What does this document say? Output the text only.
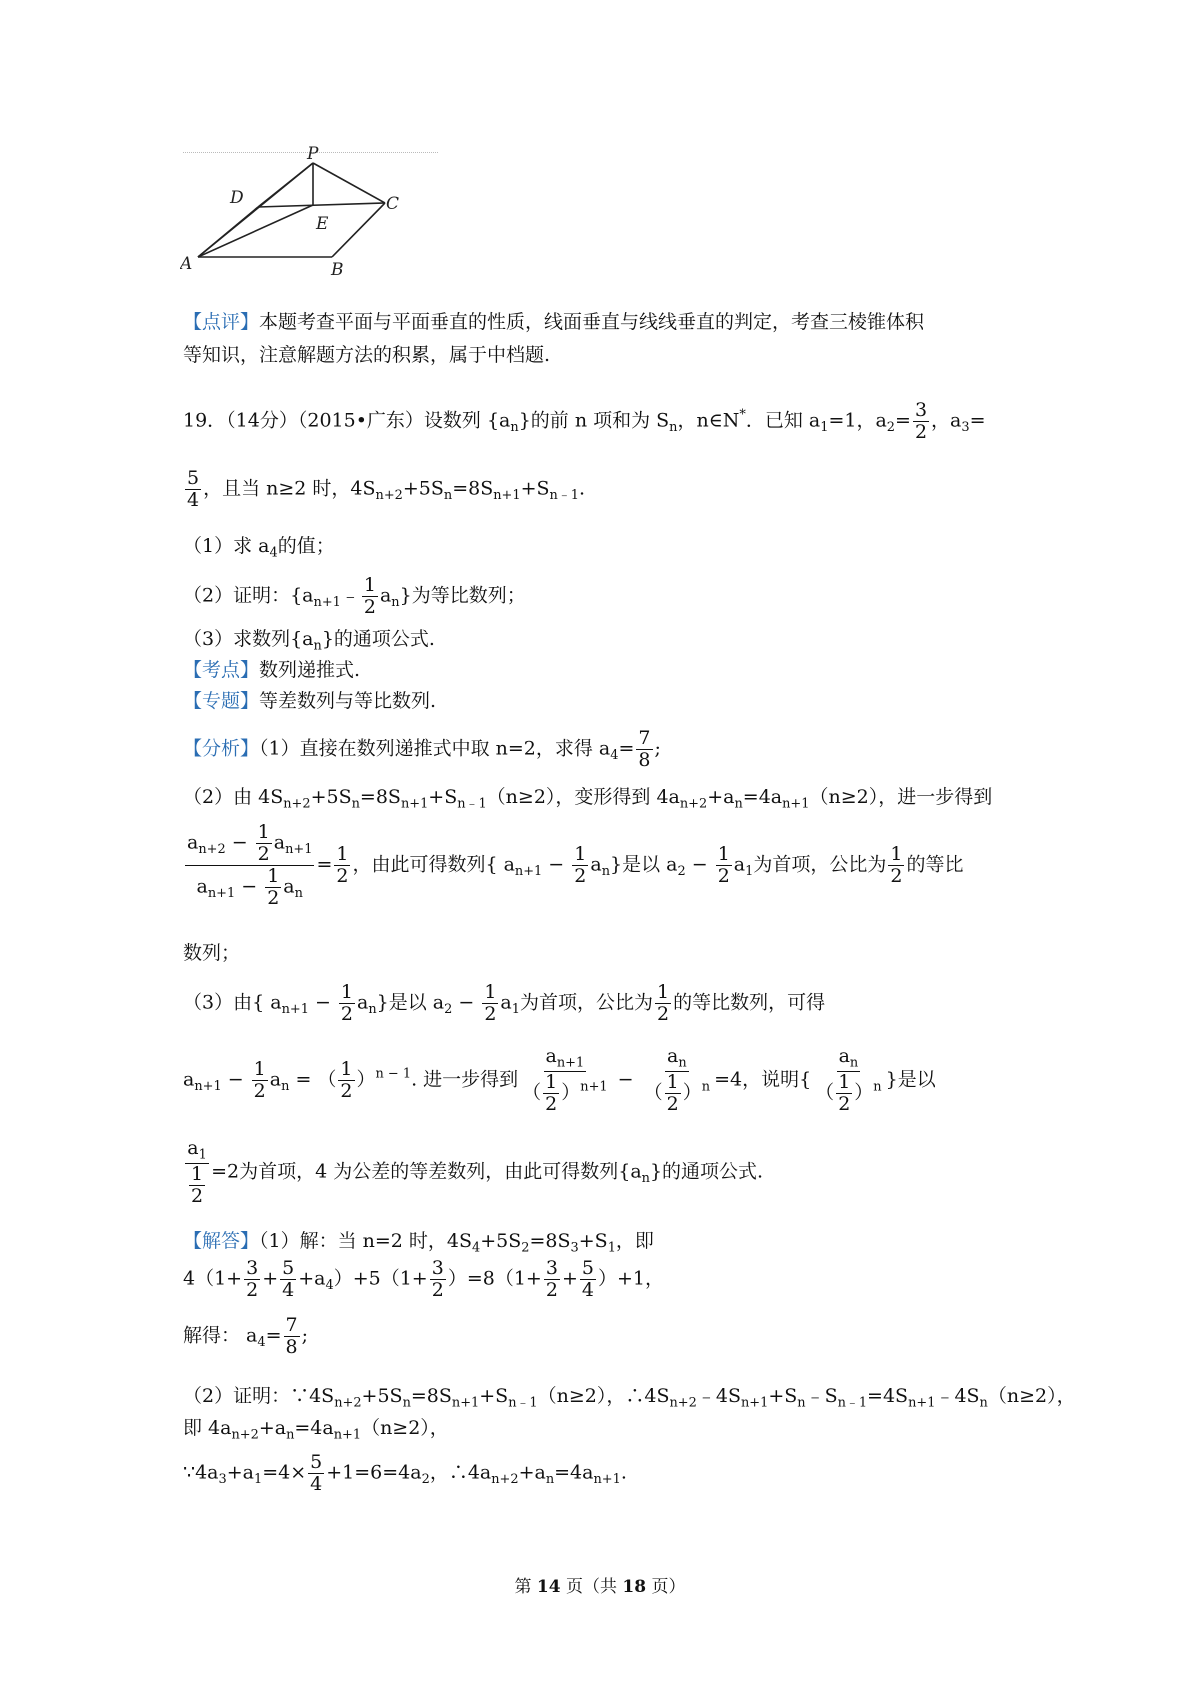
P
D
E
C
A	B
【点评】本题考查平面与平面垂直的性质，线面垂直与线线垂直的判定，考查三棱锥体积
等知识，注意解题方法的积累，属于中档题.
19．（14分）（2015•广东）设数列 $\{a_n\}$的前 n 项和为 $S_n$，n∈N*．已知 $a_1=1$，$a_2= \frac{3}{2}$ ，$a_3=$
$\frac{5}{4}$ ，且当 n≥2 时，$4S_{n+2}+5S_n=8S_{n+1}+S_{n﹣1}$.
（1）求 $a_4$的值；
（2）证明：$\{a_{n+1}﹣ \frac{1}{2} a_n\}$为等比数列；
（3）求数列$\{a_n\}$的通项公式.
【考点】数列递推式.
【专题】等差数列与等比数列.
【分析】（1）直接在数列递推式中取 n=2，求得 $a_4= \frac{7}{8}$ ;
（2）由 $4S_{n+2}+5S_n=8S_{n+1}+S_{n﹣1}(n\ge 2)$，变形得到 $4a_{n+2}+a_n=4a_{n+1}(n\ge 2)$，进一步得到
$\frac{a_{n+2} - \frac{1}{2} a_{n+1}}{a_{n+1} - \frac{1}{2} a_n} = \frac{1}{2}$ ，由此可得数列{ $a_{n+1} - \frac{1}{2} a_n$}是以 $a_2 - \frac{1}{2} a_1$为首项，公比为 $\frac{1}{2}$ 的等比
数列；
（3）由{ $a_{n+1} - \frac{1}{2} a_n$}是以 $a_2 - \frac{1}{2} a_1$为首项，公比为 $\frac{1}{2}$ 的等比数列，可得
$a_{n+1} - \frac{1}{2} a_n$ = （ $\frac{1}{2} )^{n - 1}$. 进一步得到 $\frac{a_{n+1}}{( \frac{1}{2} )^{n+1}} - \frac{a_n}{( \frac{1}{2} )^n} =4$，说明{ $\frac{a_n}{( \frac{1}{2} )^n}$ }是以
$\frac{a_1}{\frac{1}{2}} =2$为首项，4 为公差的等差数列，由此可得数列$\{a_n\}$的通项公式.
【解答】（1）解：当 n=2 时，$4S_4+5S_2=8S_3+S_1$，即
$4(1+ \frac{3}{2} + \frac{5}{4} +a_4)+5(1+ \frac{3}{2} )=8(1+ \frac{3}{2} + \frac{5}{4} )+1$，
解得： $a_4= \frac{7}{8}$ ;
（2）证明：$\because 4S_{n+2}+5S_n=8S_{n+1}+S_{n﹣1}(n\ge 2)$，$\therefore 4S_{n+2}﹣4S_{n+1}+S_n﹣S_{n﹣1}=4S_{n+1}﹣4S_n(n\ge 2)$，
即 $4a_{n+2}+a_n=4a_{n+1}(n\ge 2)$，
$\because 4a_3+a_1=4\times \frac{5}{4} +1=6=4a_2$，$\therefore 4a_{n+2}+a_n=4a_{n+1}$.
第 14 页（共 18 页）
